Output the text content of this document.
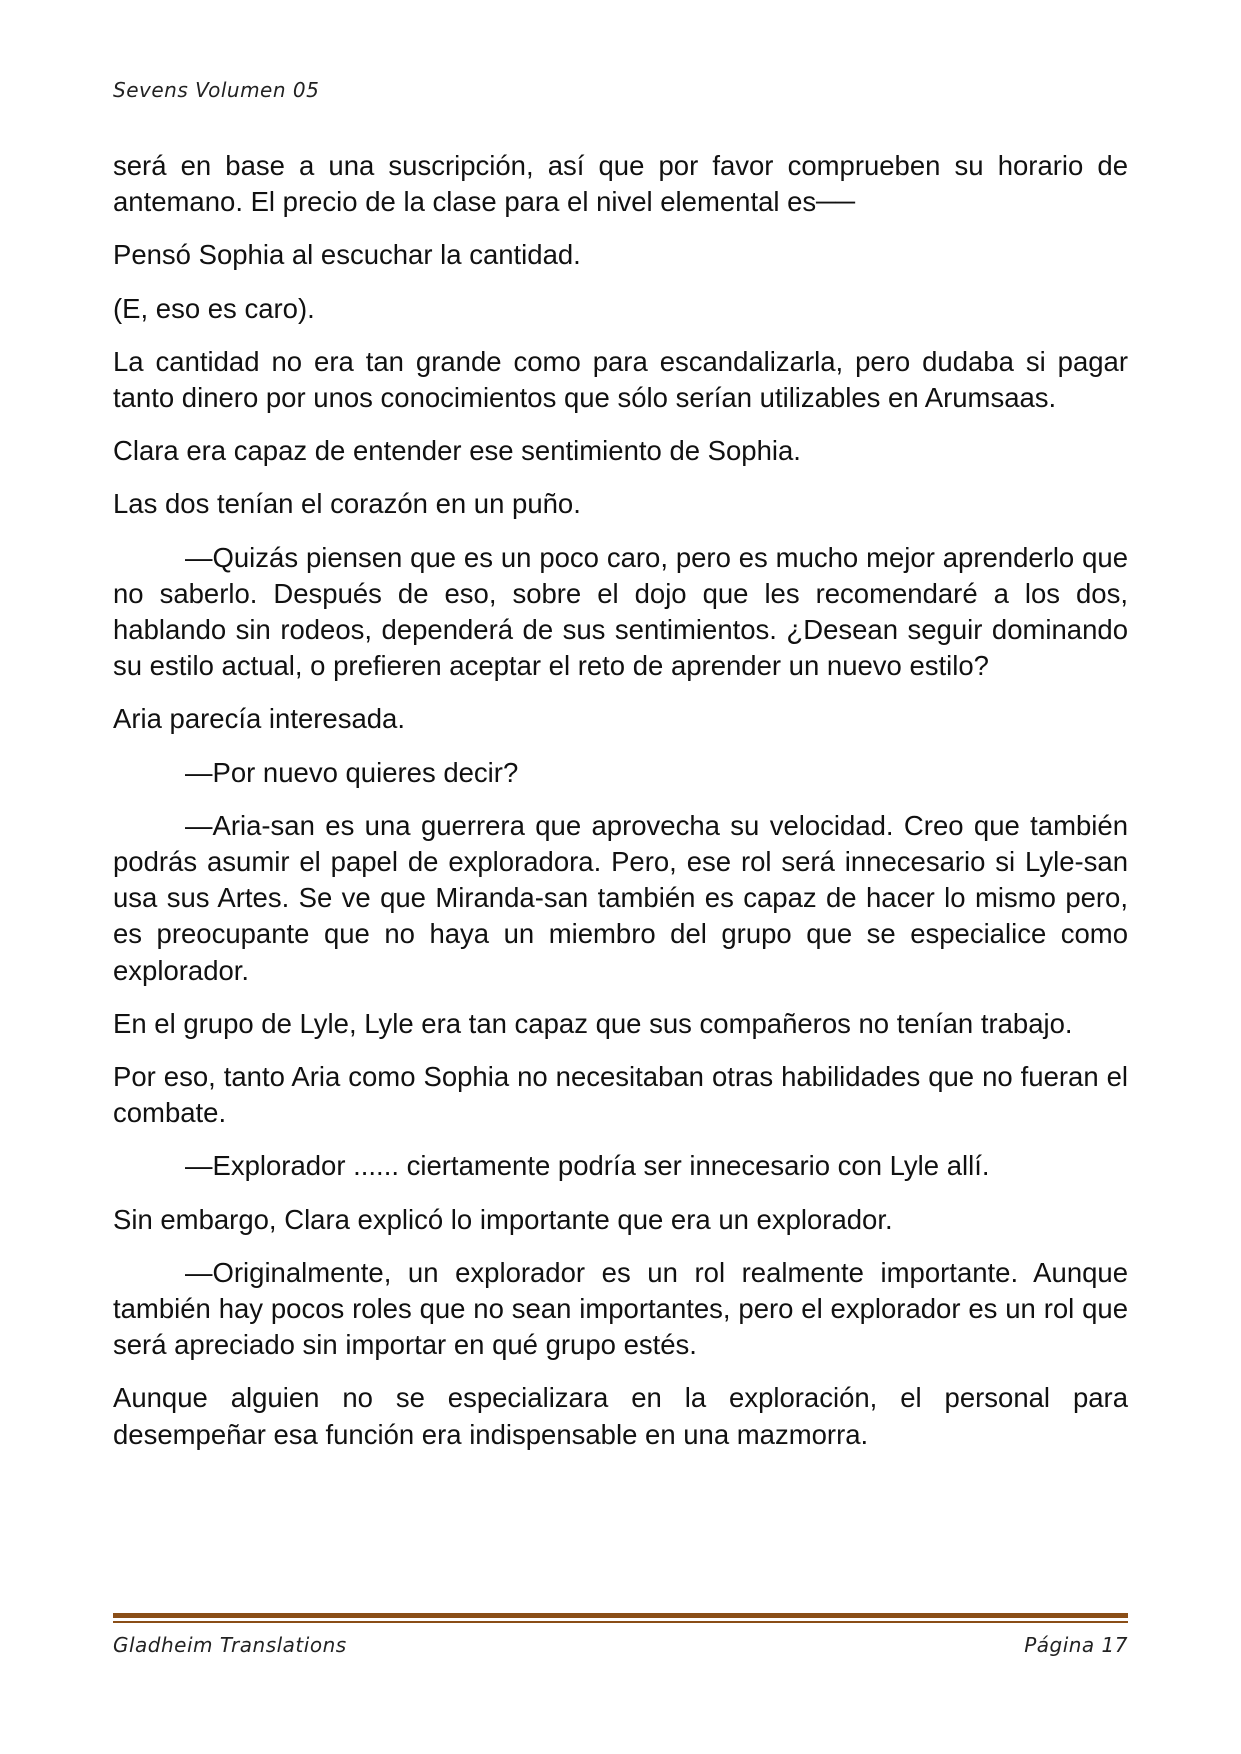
Sevens Volumen 05

será en base a una suscripción, así que por favor comprueben su horario de antemano. El precio de la clase para el nivel elemental es──

Pensó Sophia al escuchar la cantidad.

(E, eso es caro).

La cantidad no era tan grande como para escandalizarla, pero dudaba si pagar tanto dinero por unos conocimientos que sólo serían utilizables en Arumsaas.

Clara era capaz de entender ese sentimiento de Sophia.

Las dos tenían el corazón en un puño.

—Quizás piensen que es un poco caro, pero es mucho mejor aprenderlo que no saberlo. Después de eso, sobre el dojo que les recomendaré a los dos, hablando sin rodeos, dependerá de sus sentimientos. ¿Desean seguir dominando su estilo actual, o prefieren aceptar el reto de aprender un nuevo estilo?

Aria parecía interesada.

—Por nuevo quieres decir?

—Aria-san es una guerrera que aprovecha su velocidad. Creo que también podrás asumir el papel de exploradora. Pero, ese rol será innecesario si Lyle-san usa sus Artes. Se ve que Miranda-san también es capaz de hacer lo mismo pero, es preocupante que no haya un miembro del grupo que se especialice como explorador.

En el grupo de Lyle, Lyle era tan capaz que sus compañeros no tenían trabajo.

Por eso, tanto Aria como Sophia no necesitaban otras habilidades que no fueran el combate.

—Explorador ...... ciertamente podría ser innecesario con Lyle allí.

Sin embargo, Clara explicó lo importante que era un explorador.

—Originalmente, un explorador es un rol realmente importante. Aunque también hay pocos roles que no sean importantes, pero el explorador es un rol que será apreciado sin importar en qué grupo estés.

Aunque alguien no se especializara en la exploración, el personal para desempeñar esa función era indispensable en una mazmorra.

Gladheim Translations	Página 17
